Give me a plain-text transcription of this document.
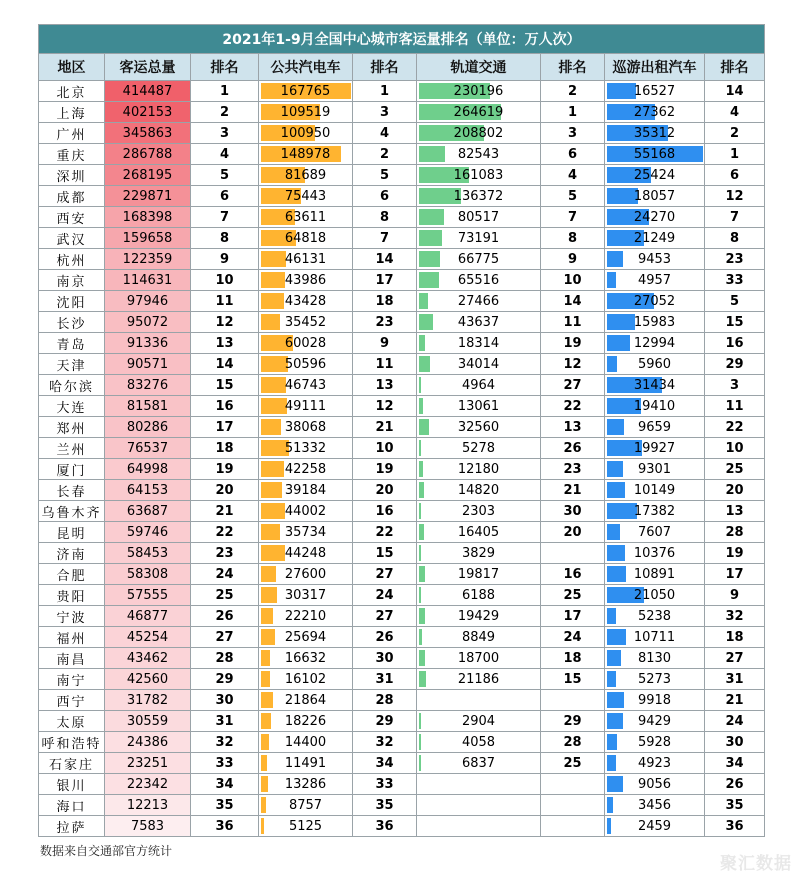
2021年1-9月全国中心城市客运量排名（单位：万人次）								
地区	客运总量	排名	公共汽电车	排名	轨道交通	排名	巡游出租汽车	排名
北京	414487	1	167765	1	230196	2	16527	14
上海	402153	2	109519	3	264619	1	27362	4
广州	345863	3	100950	4	208802	3	35312	2
重庆	286788	4	148978	2	82543	6	55168	1
深圳	268195	5	81689	5	161083	4	25424	6
成都	229871	6	75443	6	136372	5	18057	12
西安	168398	7	63611	8	80517	7	24270	7
武汉	159658	8	64818	7	73191	8	21249	8
杭州	122359	9	46131	14	66775	9	9453	23
南京	114631	10	43986	17	65516	10	4957	33
沈阳	97946	11	43428	18	27466	14	27052	5
长沙	95072	12	35452	23	43637	11	15983	15
青岛	91336	13	60028	9	18314	19	12994	16
天津	90571	14	50596	11	34014	12	5960	29
哈尔滨	83276	15	46743	13	4964	27	31434	3
大连	81581	16	49111	12	13061	22	19410	11
郑州	80286	17	38068	21	32560	13	9659	22
兰州	76537	18	51332	10	5278	26	19927	10
厦门	64998	19	42258	19	12180	23	9301	25
长春	64153	20	39184	20	14820	21	10149	20
乌鲁木齐	63687	21	44002	16	2303	30	17382	13
昆明	59746	22	35734	22	16405	20	7607	28
济南	58453	23	44248	15	3829		10376	19
合肥	58308	24	27600	27	19817	16	10891	17
贵阳	57555	25	30317	24	6188	25	21050	9
宁波	46877	26	22210	27	19429	17	5238	32
福州	45254	27	25694	26	8849	24	10711	18
南昌	43462	28	16632	30	18700	18	8130	27
南宁	42560	29	16102	31	21186	15	5273	31
西宁	31782	30	21864	28			9918	21
太原	30559	31	18226	29	2904	29	9429	24
呼和浩特	24386	32	14400	32	4058	28	5928	30
石家庄	23251	33	11491	34	6837	25	4923	34
银川	22342	34	13286	33			9056	26
海口	12213	35	8757	35			3456	35
拉萨	7583	36	5125	36			2459	36
数据来自交通部官方统计
聚汇数据
